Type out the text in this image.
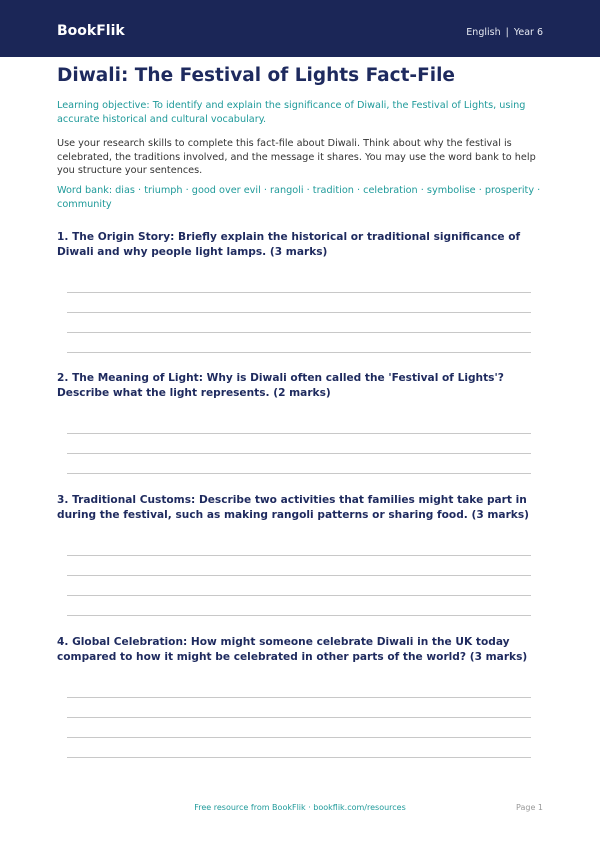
BookFlik	English | Year 6
Diwali: The Festival of Lights Fact-File
Learning objective: To identify and explain the significance of Diwali, the Festival of Lights, using accurate historical and cultural vocabulary.
Use your research skills to complete this fact-file about Diwali. Think about why the festival is celebrated, the traditions involved, and the message it shares. You may use the word bank to help you structure your sentences.
Word bank: dias · triumph · good over evil · rangoli · tradition · celebration · symbolise · prosperity · community
1. The Origin Story: Briefly explain the historical or traditional significance of Diwali and why people light lamps. (3 marks)
2. The Meaning of Light: Why is Diwali often called the 'Festival of Lights'? Describe what the light represents. (2 marks)
3. Traditional Customs: Describe two activities that families might take part in during the festival, such as making rangoli patterns or sharing food. (3 marks)
4. Global Celebration: How might someone celebrate Diwali in the UK today compared to how it might be celebrated in other parts of the world? (3 marks)
Free resource from BookFlik · bookflik.com/resources	Page 1
